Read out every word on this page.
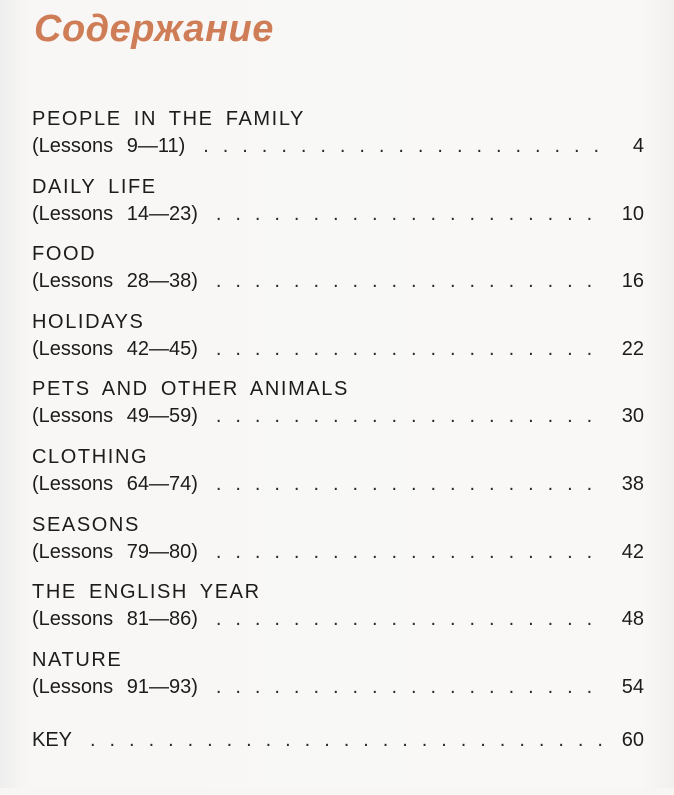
Содержание
PEOPLE IN THE FAMILY
(Lessons 9—11) . . .	4
DAILY LIFE
(Lessons 14—23) . . .	10
FOOD
(Lessons 28—38) . . .	16
HOLIDAYS
(Lessons 42—45) . . .	22
PETS AND OTHER ANIMALS
(Lessons 49—59) . . .	30
CLOTHING
(Lessons 64—74) . . .	38
SEASONS
(Lessons 79—80) . . .	42
THE ENGLISH YEAR
(Lessons 81—86) . . .	48
NATURE
(Lessons 91—93) . . .	54
KEY . . .	60
